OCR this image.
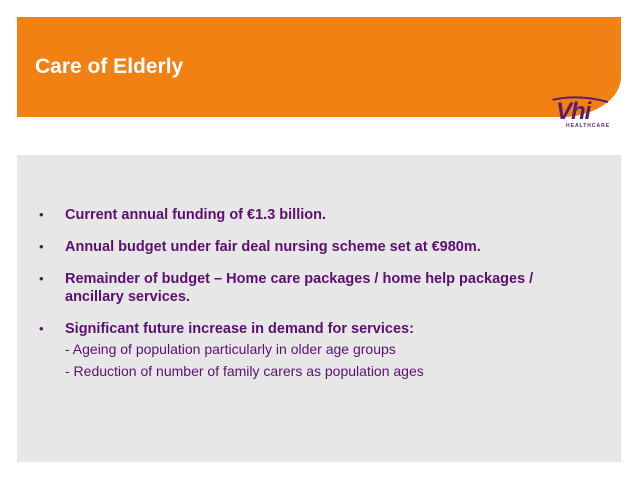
Care of Elderly
Vhi
HEALTHCARE
• Current annual funding of €1.3 billion.
• Annual budget under fair deal nursing scheme set at €980m.
• Remainder of budget – Home care packages / home help packages / ancillary services.
• Significant future increase in demand for services:
- Ageing of population particularly in older age groups
- Reduction of number of family carers as population ages
